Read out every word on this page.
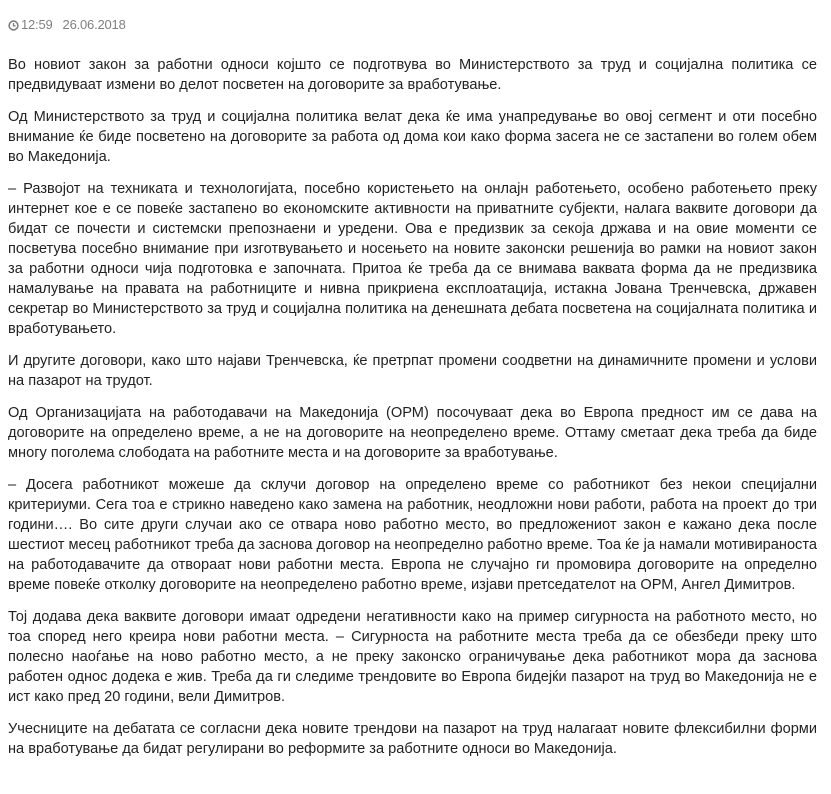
12:59 26.06.2018

Во новиот закон за работни односи којшто се подготвува во Министерството за труд и социјална политика се предвидуваат измени во делот посветен на договорите за вработување.

Од Министерството за труд и социјална политика велат дека ќе има унапредување во овој сегмент и оти посебно внимание ќе биде посветено на договорите за работа од дома кои како форма засега не се застапени во голем обем во Македонија.

– Развојот на техниката и технологијата, посебно користењето на онлајн работењето, особено работењето преку интернет кое е се повеќе застапено во економските активности на приватните субјекти, налага ваквите договори да бидат се почести и системски препознаени и уредени. Ова е предизвик за секоја држава и на овие моменти се посветува посебно внимание при изготвувањето и носењето на новите законски решенија во рамки на новиот закон за работни односи чија подготовка е започната. Притоа ќе треба да се внимава ваквата форма да не предизвика намалување на правата на работниците и нивна прикриена експлоатација, истакна Јована Тренчевска, државен секретар во Министерството за труд и социјална политика на денешната дебата посветена на социјалната политика и вработувањето.

И другите договори, како што најави Тренчевска, ќе претрпат промени соодветни на динамичните промени и услови на пазарот на трудот.

Од Организацијата на работодавачи на Македонија (ОРМ) посочуваат дека во Европа предност им се дава на договорите на определено време, а не на договорите на неопределено време. Оттаму сметаат дека треба да биде многу поголема слободата на работните места и на договорите за вработување.

– Досега работникот можеше да склучи договор на определено време со работникот без некои специјални критериуми. Сега тоа е стрикно наведено како замена на работник, неодложни нови работи, работа на проект до три години…. Во сите други случаи ако се отвара ново работно место, во предложениот закон е кажано дека после шестиот месец работникот треба да заснова договор на неопределно работно време. Тоа ќе ја намали мотивираноста на работодавачите да отвораат нови работни места. Европа не случајно ги промовира договорите на определно време повеќе отколку договорите на неопределено работно време, изјави претседателот на ОРМ, Ангел Димитров.

Тој додава дека ваквите договори имаат одредени негативности како на пример сигурноста на работното место, но тоа според него креира нови работни места. – Сигурноста на работните места треба да се обезбеди преку што полесно наоѓање на ново работно место, а не преку законско ограничување дека работникот мора да заснова работен однос додека е жив. Треба да ги следиме трендовите во Европа бидејќи пазарот на труд во Македонија не е ист како пред 20 години, вели Димитров.

Учесниците на дебатата се согласни дека новите трендови на пазарот на труд налагаат новите флексибилни форми на вработување да бидат регулирани во реформите за работните односи во Македонија.
